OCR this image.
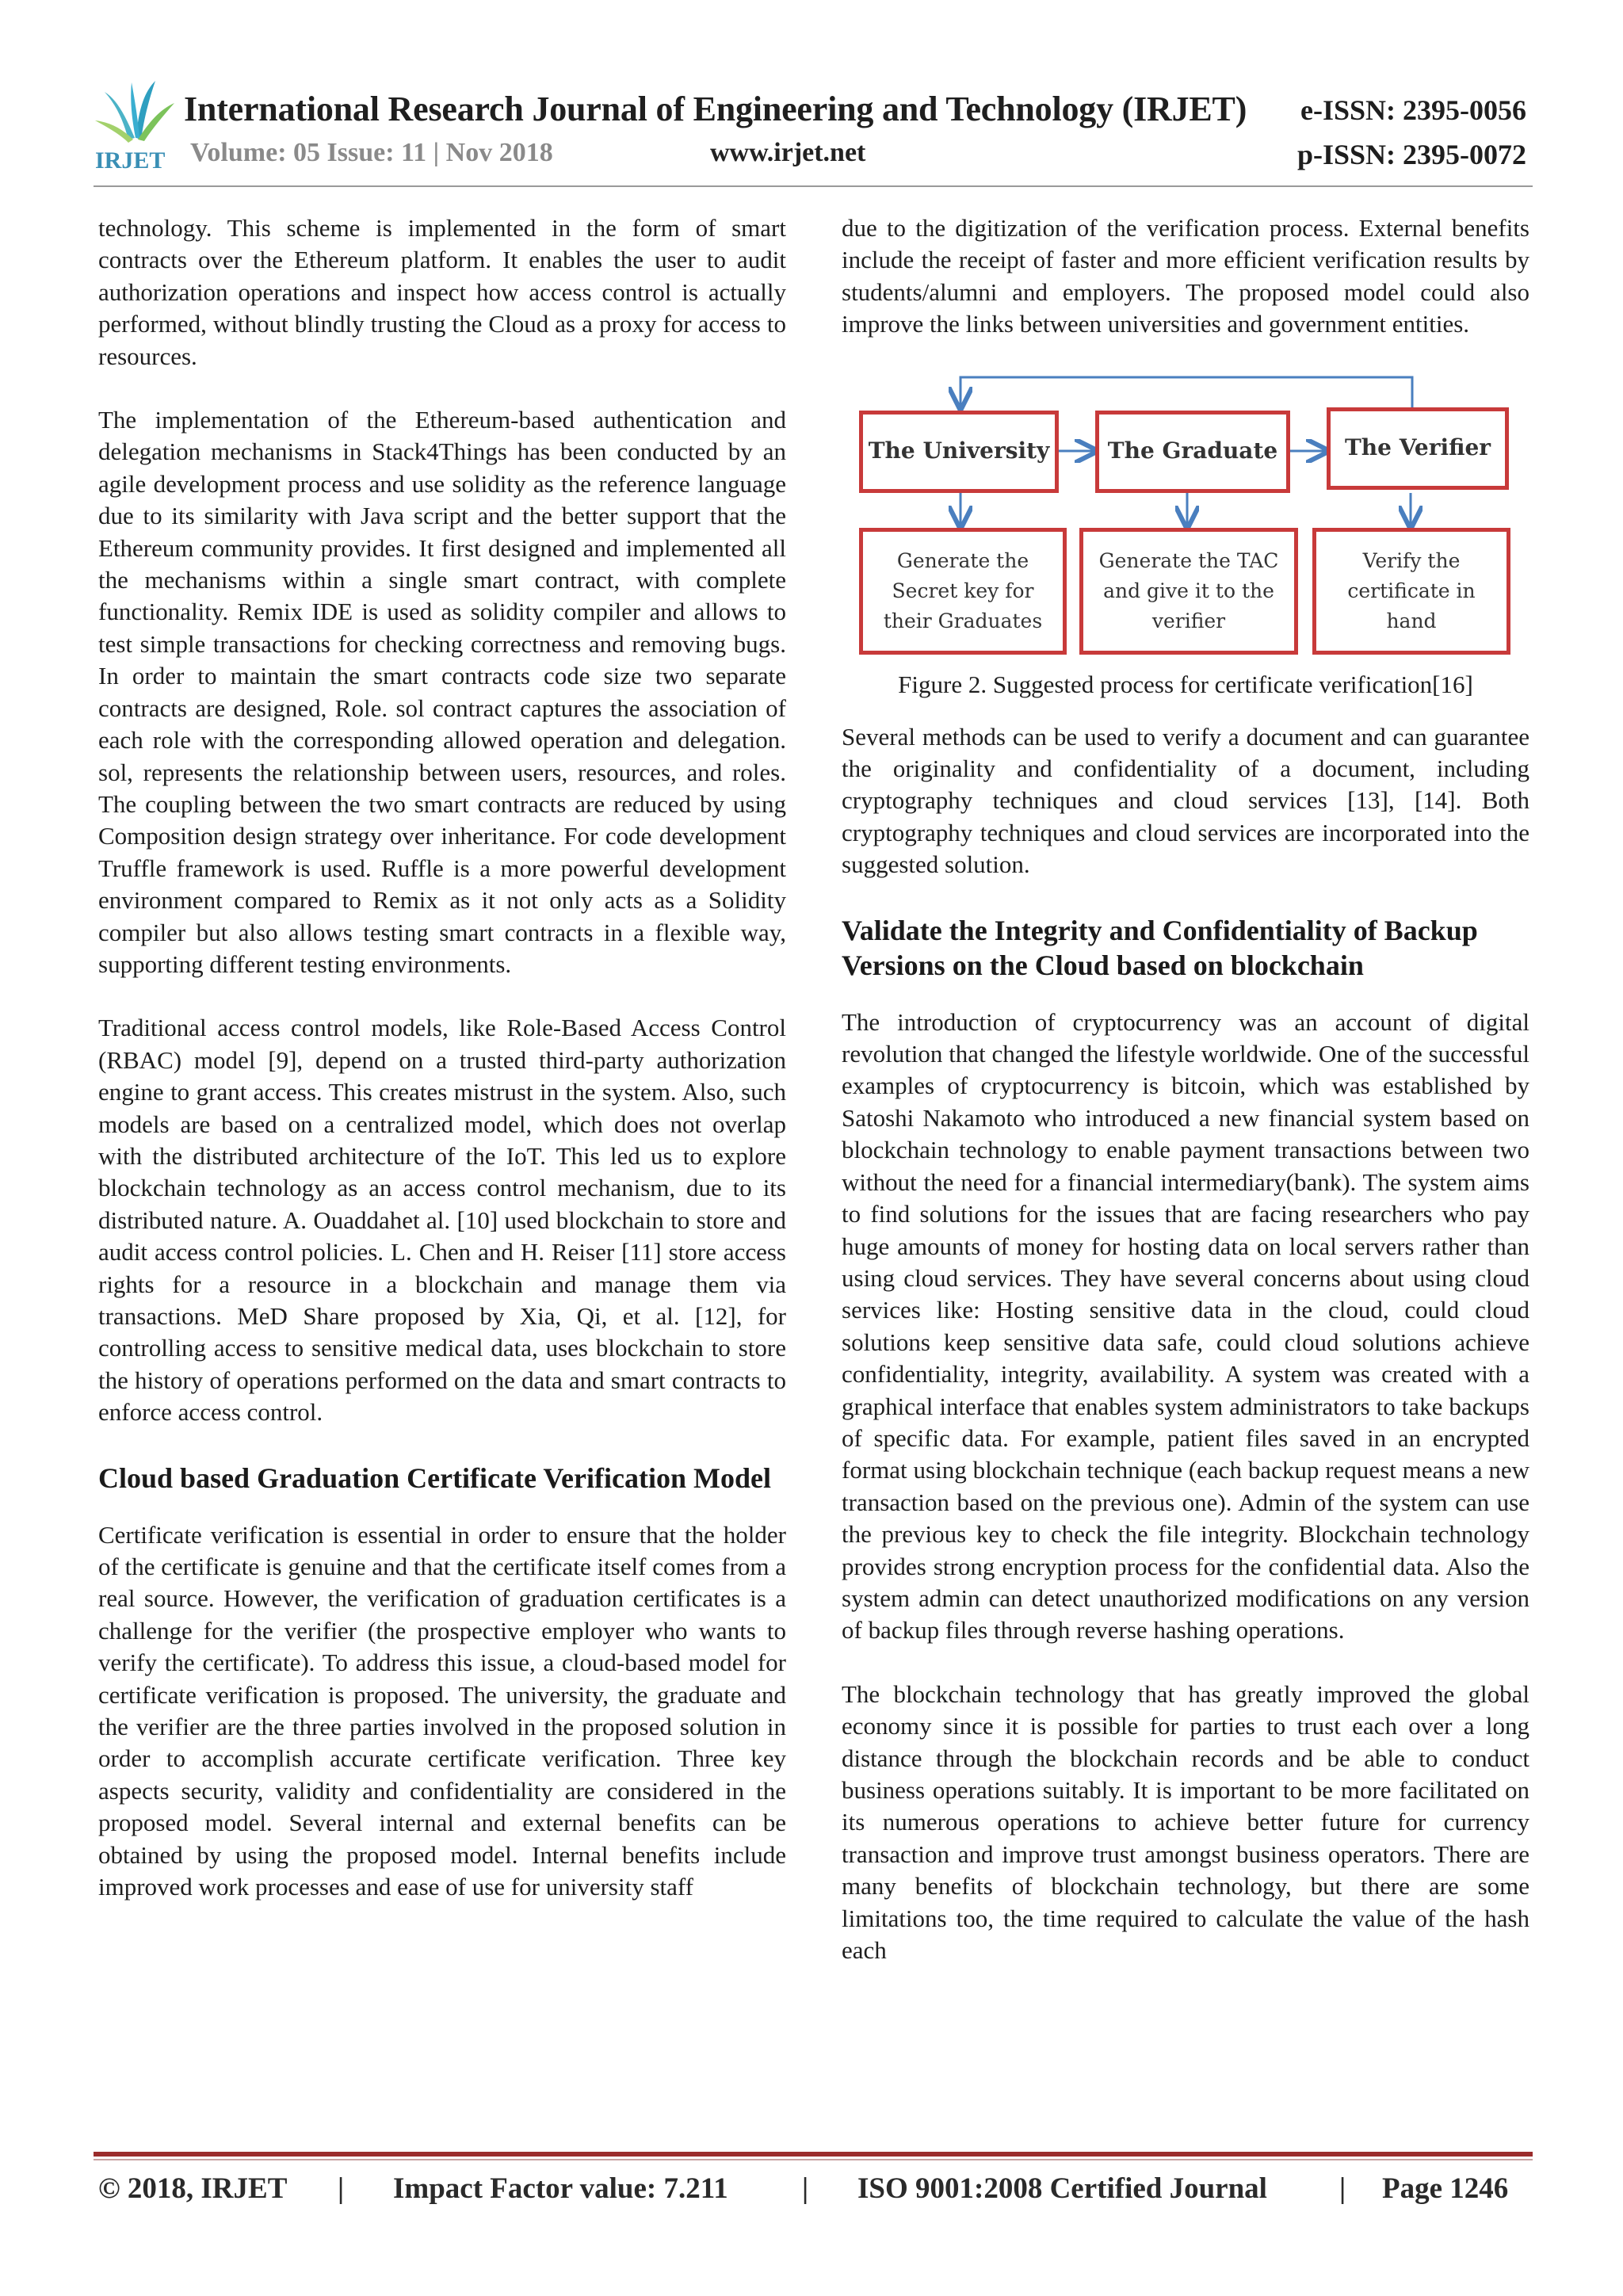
IRJET
International Research Journal of Engineering and Technology (IRJET) e-ISSN: 2395-0056
Volume: 05 Issue: 11 | Nov 2018	www.irjet.net	p-ISSN: 2395-0072

technology. This scheme is implemented in the form of smart contracts over the Ethereum platform. It enables the user to audit authorization operations and inspect how access control is actually performed, without blindly trusting the Cloud as a proxy for access to resources.

The implementation of the Ethereum-based authentication and delegation mechanisms in Stack4Things has been conducted by an agile development process and use solidity as the reference language due to its similarity with Java script and the better support that the Ethereum community provides. It first designed and implemented all the mechanisms within a single smart contract, with complete functionality. Remix IDE is used as solidity compiler and allows to test simple transactions for checking correctness and removing bugs. In order to maintain the smart contracts code size two separate contracts are designed, Role. sol contract captures the association of each role with the corresponding allowed operation and delegation. sol, represents the relationship between users, resources, and roles. The coupling between the two smart contracts are reduced by using Composition design strategy over inheritance. For code development Truffle framework is used. Ruffle is a more powerful development environment compared to Remix as it not only acts as a Solidity compiler but also allows testing smart contracts in a flexible way, supporting different testing environments.

Traditional access control models, like Role-Based Access Control (RBAC) model [9], depend on a trusted third-party authorization engine to grant access. This creates mistrust in the system. Also, such models are based on a centralized model, which does not overlap with the distributed architecture of the IoT. This led us to explore blockchain technology as an access control mechanism, due to its distributed nature. A. Ouaddahet al. [10] used blockchain to store and audit access control policies. L. Chen and H. Reiser [11] store access rights for a resource in a blockchain and manage them via transactions. MeD Share proposed by Xia, Qi, et al. [12], for controlling access to sensitive medical data, uses blockchain to store the history of operations performed on the data and smart contracts to enforce access control.

Cloud based Graduation Certificate Verification Model

Certificate verification is essential in order to ensure that the holder of the certificate is genuine and that the certificate itself comes from a real source. However, the verification of graduation certificates is a challenge for the verifier (the prospective employer who wants to verify the certificate). To address this issue, a cloud-based model for certificate verification is proposed. The university, the graduate and the verifier are the three parties involved in the proposed solution in order to accomplish accurate certificate verification. Three key aspects security, validity and confidentiality are considered in the proposed model. Several internal and external benefits can be obtained by using the proposed model. Internal benefits include improved work processes and ease of use for university staff

due to the digitization of the verification process. External benefits include the receipt of faster and more efficient verification results by students/alumni and employers. The proposed model could also improve the links between universities and government entities.

The University	The Graduate	The Verifier
Generate the Secret key for their Graduates
Generate the TAC and give it to the verifier
Verify the certificate in hand
Figure 2. Suggested process for certificate verification[16]

Several methods can be used to verify a document and can guarantee the originality and confidentiality of a document, including cryptography techniques and cloud services [13], [14]. Both cryptography techniques and cloud services are incorporated into the suggested solution.

Validate the Integrity and Confidentiality of Backup Versions on the Cloud based on blockchain

The introduction of cryptocurrency was an account of digital revolution that changed the lifestyle worldwide. One of the successful examples of cryptocurrency is bitcoin, which was established by Satoshi Nakamoto who introduced a new financial system based on blockchain technology to enable payment transactions between two without the need for a financial intermediary(bank). The system aims to find solutions for the issues that are facing researchers who pay huge amounts of money for hosting data on local servers rather than using cloud services. They have several concerns about using cloud services like: Hosting sensitive data in the cloud, could cloud solutions keep sensitive data safe, could cloud solutions achieve confidentiality, integrity, availability. A system was created with a graphical interface that enables system administrators to take backups of specific data. For example, patient files saved in an encrypted format using blockchain technique (each backup request means a new transaction based on the previous one). Admin of the system can use the previous key to check the file integrity. Blockchain technology provides strong encryption process for the confidential data. Also the system admin can detect unauthorized modifications on any version of backup files through reverse hashing operations.

The blockchain technology that has greatly improved the global economy since it is possible for parties to trust each over a long distance through the blockchain records and be able to conduct business operations suitably. It is important to be more facilitated on its numerous operations to achieve better future for currency transaction and improve trust amongst business operators. There are many benefits of blockchain technology, but there are some limitations too, the time required to calculate the value of the hash each

© 2018, IRJET | Impact Factor value: 7.211	| ISO 9001:2008 Certified Journal | Page 1246
